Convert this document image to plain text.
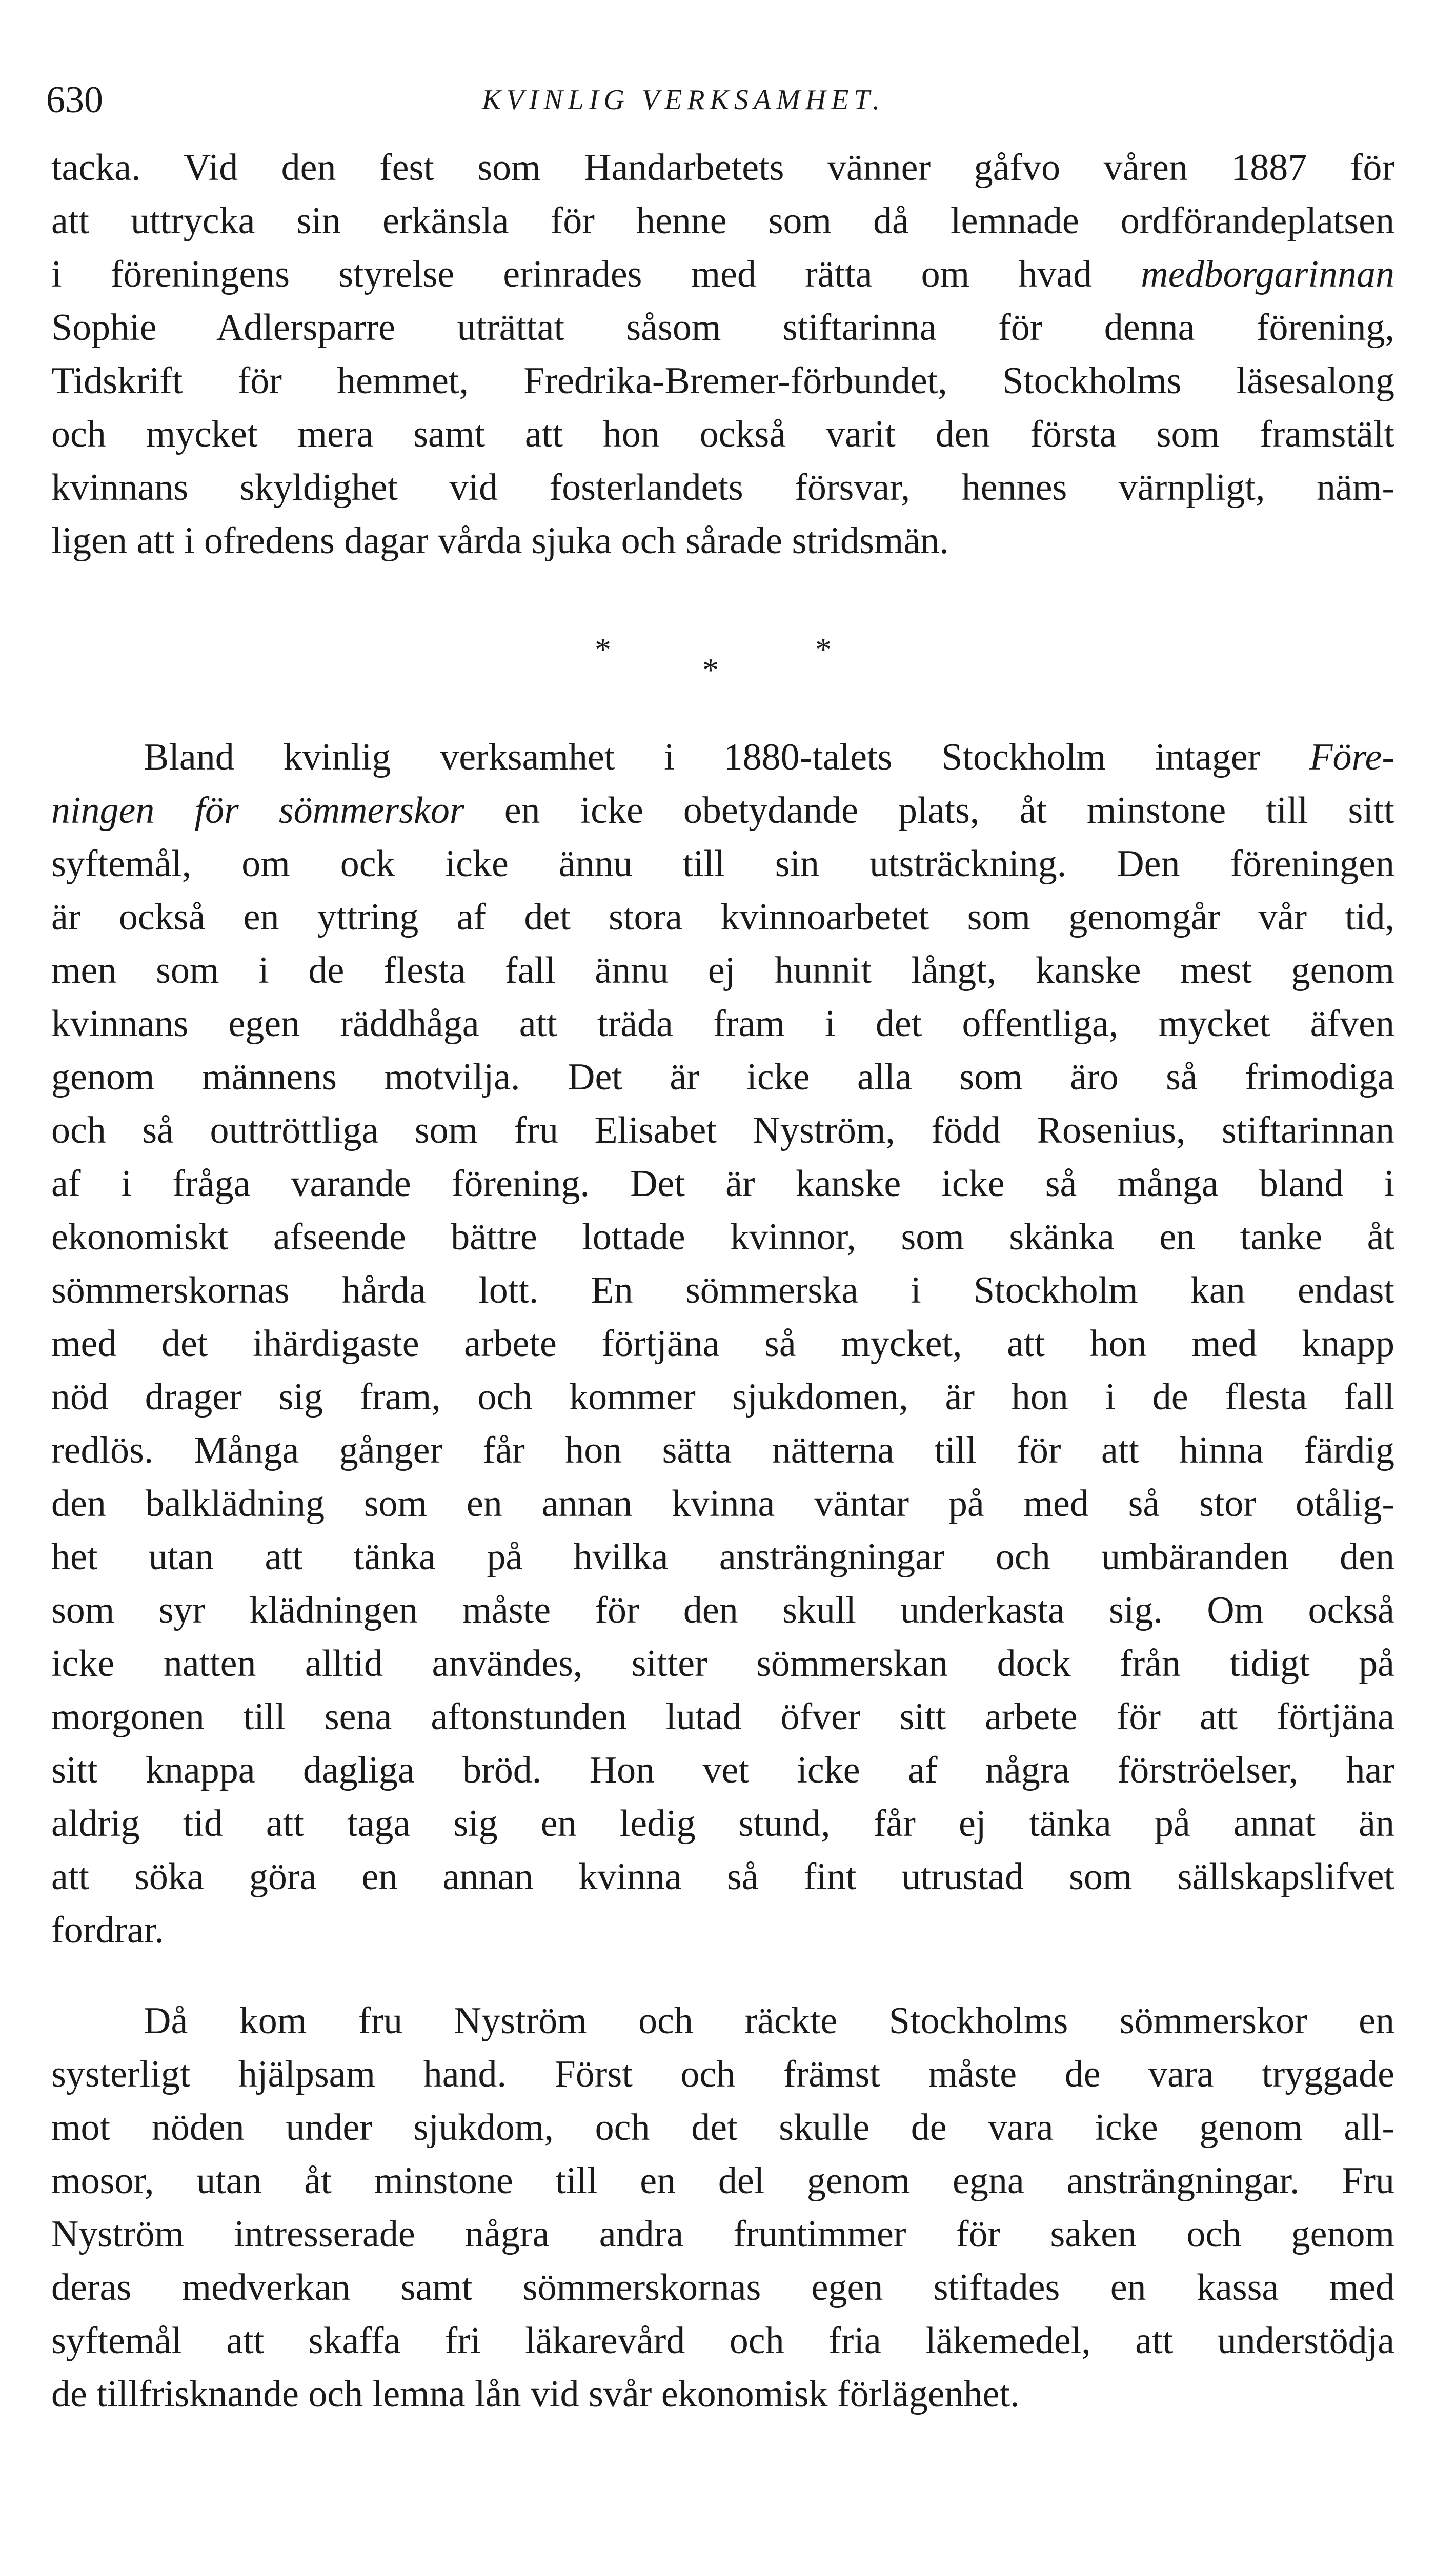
630	KVINLIG VERKSAMHET.
tacka. Vid den fest som Handarbetets vänner gåfvo våren 1887 för
att uttrycka sin erkänsla för henne som då lemnade ordförandeplatsen
i föreningens styrelse erinrades med rätta om hvad medborgarinnan
Sophie Adlersparre uträttat såsom stiftarinna för denna förening,
Tidskrift för hemmet, Fredrika-Bremer-förbundet, Stockholms läsesalong
och mycket mera samt att hon också varit den första som framstält
kvinnans skyldighet vid fosterlandets försvar, hennes värnpligt, näm-
ligen att i ofredens dagar vårda sjuka och sårade stridsmän.
*
*
*
Bland kvinlig verksamhet i 1880-talets Stockholm intager Före-
ningen för sömmerskor en icke obetydande plats, åt minstone till sitt
syftemål, om ock icke ännu till sin utsträckning. Den föreningen
är också en yttring af det stora kvinnoarbetet som genomgår vår tid,
men som i de flesta fall ännu ej hunnit långt, kanske mest genom
kvinnans egen räddhåga att träda fram i det offentliga, mycket äfven
genom männens motvilja. Det är icke alla som äro så frimodiga
och så outtröttliga som fru Elisabet Nyström, född Rosenius, stiftarinnan
af i fråga varande förening. Det är kanske icke så många bland i
ekonomiskt afseende bättre lottade kvinnor, som skänka en tanke åt
sömmerskornas hårda lott. En sömmerska i Stockholm kan endast
med det ihärdigaste arbete förtjäna så mycket, att hon med knapp
nöd drager sig fram, och kommer sjukdomen, är hon i de flesta fall
redlös. Många gånger får hon sätta nätterna till för att hinna färdig
den balklädning som en annan kvinna väntar på med så stor otålig-
het utan att tänka på hvilka ansträngningar och umbäranden den
som syr klädningen måste för den skull underkasta sig. Om också
icke natten alltid användes, sitter sömmerskan dock från tidigt på
morgonen till sena aftonstunden lutad öfver sitt arbete för att förtjäna
sitt knappa dagliga bröd. Hon vet icke af några förströelser, har
aldrig tid att taga sig en ledig stund, får ej tänka på annat än
att söka göra en annan kvinna så fint utrustad som sällskapslifvet
fordrar.
Då kom fru Nyström och räckte Stockholms sömmerskor en
systerligt hjälpsam hand. Först och främst måste de vara tryggade
mot nöden under sjukdom, och det skulle de vara icke genom all-
mosor, utan åt minstone till en del genom egna ansträngningar. Fru
Nyström intresserade några andra fruntimmer för saken och genom
deras medverkan samt sömmerskornas egen stiftades en kassa med
syftemål att skaffa fri läkarevård och fria läkemedel, att understödja
de tillfrisknande och lemna lån vid svår ekonomisk förlägenhet.
